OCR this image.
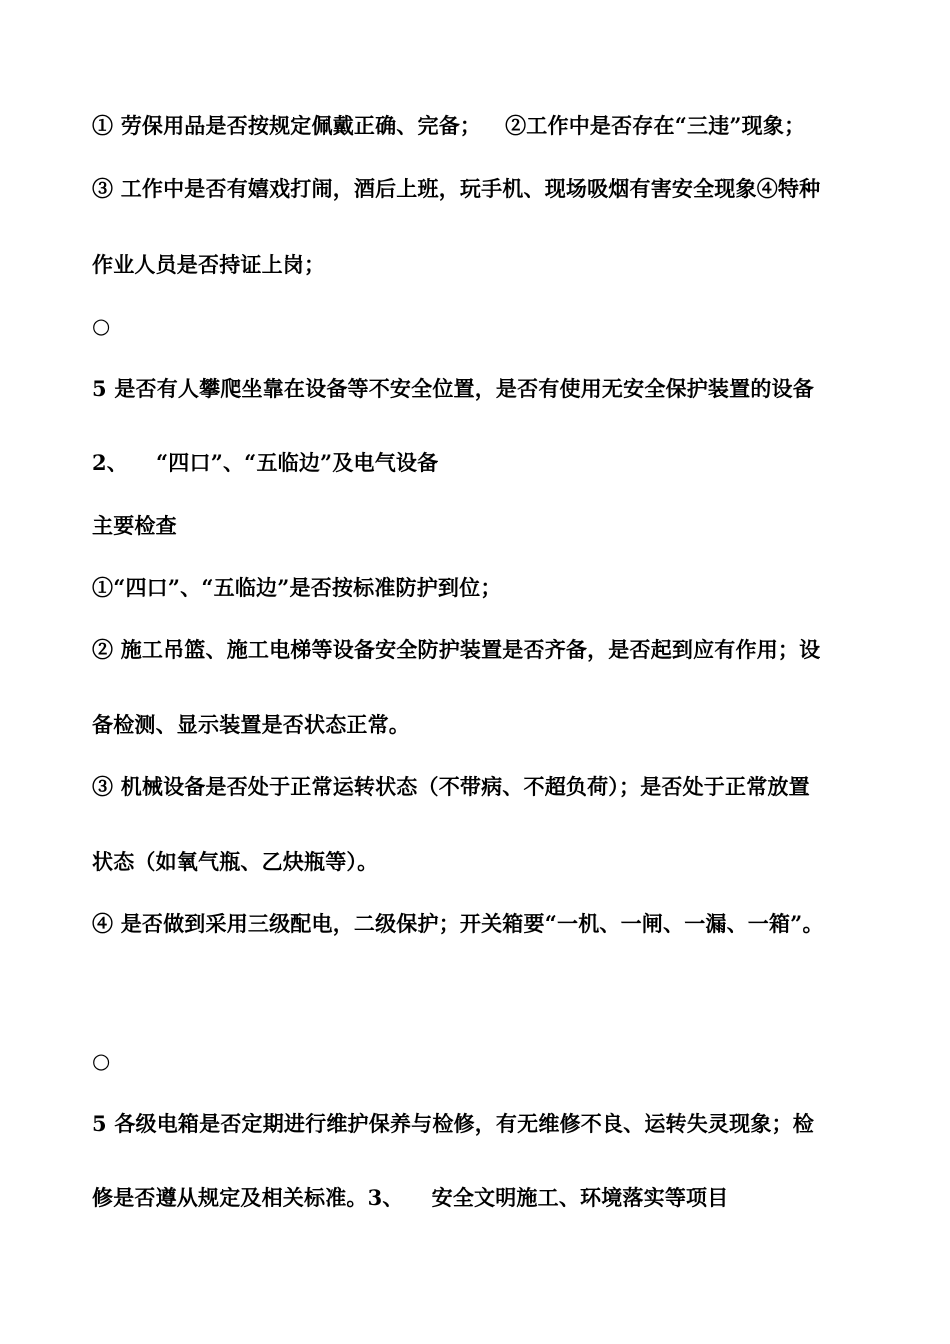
① 劳保用品是否按规定佩戴正确、完备； ②工作中是否存在“三违”现象；
③ 工作中是否有嬉戏打闹，酒后上班，玩手机、现场吸烟有害安全现象④特种
作业人员是否持证上岗；
○
5 是否有人攀爬坐靠在设备等不安全位置，是否有使用无安全保护装置的设备
2、 “四口”、“五临边”及电气设备
主要检查
①“四口”、“五临边”是否按标准防护到位；
② 施工吊篮、施工电梯等设备安全防护装置是否齐备，是否起到应有作用；设
备检测、显示装置是否状态正常。
③ 机械设备是否处于正常运转状态（不带病、不超负荷）；是否处于正常放置
状态（如氧气瓶、乙炔瓶等）。
④ 是否做到采用三级配电，二级保护；开关箱要“一机、一闸、一漏、一箱”。
○
5 各级电箱是否定期进行维护保养与检修，有无维修不良、运转失灵现象；检
修是否遵从规定及相关标准。3、 安全文明施工、环境落实等项目
